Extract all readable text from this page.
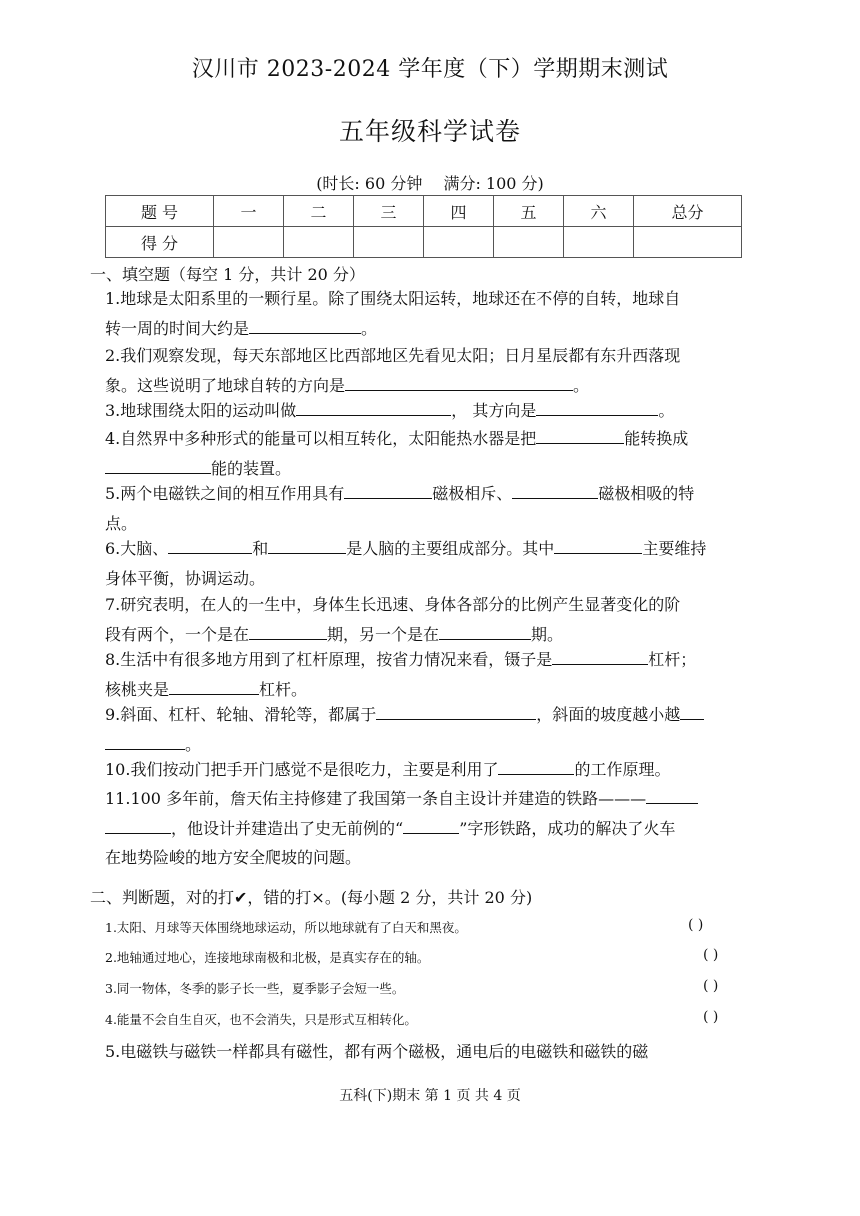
汉川市 2023-2024 学年度（下）学期期末测试
五年级科学试卷
(时长: 60 分钟 满分: 100 分)
题 号	一	二	三	四	五	六	总分
得 分							
一、填空题（每空 1 分，共计 20 分）
1.地球是太阳系里的一颗行星。除了围绕太阳运转，地球还在不停的自转，地球自
转一周的时间大约是	。
2.我们观察发现，每天东部地区比西部地区先看见太阳；日月星辰都有东升西落现
象。这些说明了地球自转的方向是	。
3.地球围绕太阳的运动叫做	， 其方向是	。
4.自然界中多种形式的能量可以相互转化，太阳能热水器是把	能转换成
能的装置。
5.两个电磁铁之间的相互作用具有	磁极相斥、	磁极相吸的特
点。
6.大脑、	和	是人脑的主要组成部分。其中	主要维持
身体平衡，协调运动。
7.研究表明，在人的一生中，身体生长迅速、身体各部分的比例产生显著变化的阶
段有两个，一个是在	期，另一个是在	期。
8.生活中有很多地方用到了杠杆原理，按省力情况来看，镊子是	杠杆；
核桃夹是	杠杆。
9.斜面、杠杆、轮轴、滑轮等，都属于	，斜面的坡度越小越
。
10.我们按动门把手开门感觉不是很吃力，主要是利用了	的工作原理。
11.100 多年前，詹天佑主持修建了我国第一条自主设计并建造的铁路———
，他设计并建造出了史无前例的“	”字形铁路，成功的解决了火车
在地势险峻的地方安全爬坡的问题。
二、判断题，对的打✔，错的打×。(每小题 2 分，共计 20 分)
1.太阳、月球等天体围绕地球运动，所以地球就有了白天和黑夜。	( )
2.地轴通过地心，连接地球南极和北极，是真实存在的轴。	( )
3.同一物体，冬季的影子长一些，夏季影子会短一些。	( )
4.能量不会自生自灭，也不会消失，只是形式互相转化。	( )
5.电磁铁与磁铁一样都具有磁性，都有两个磁极，通电后的电磁铁和磁铁的磁
五科(下)期末 第 1 页 共 4 页
